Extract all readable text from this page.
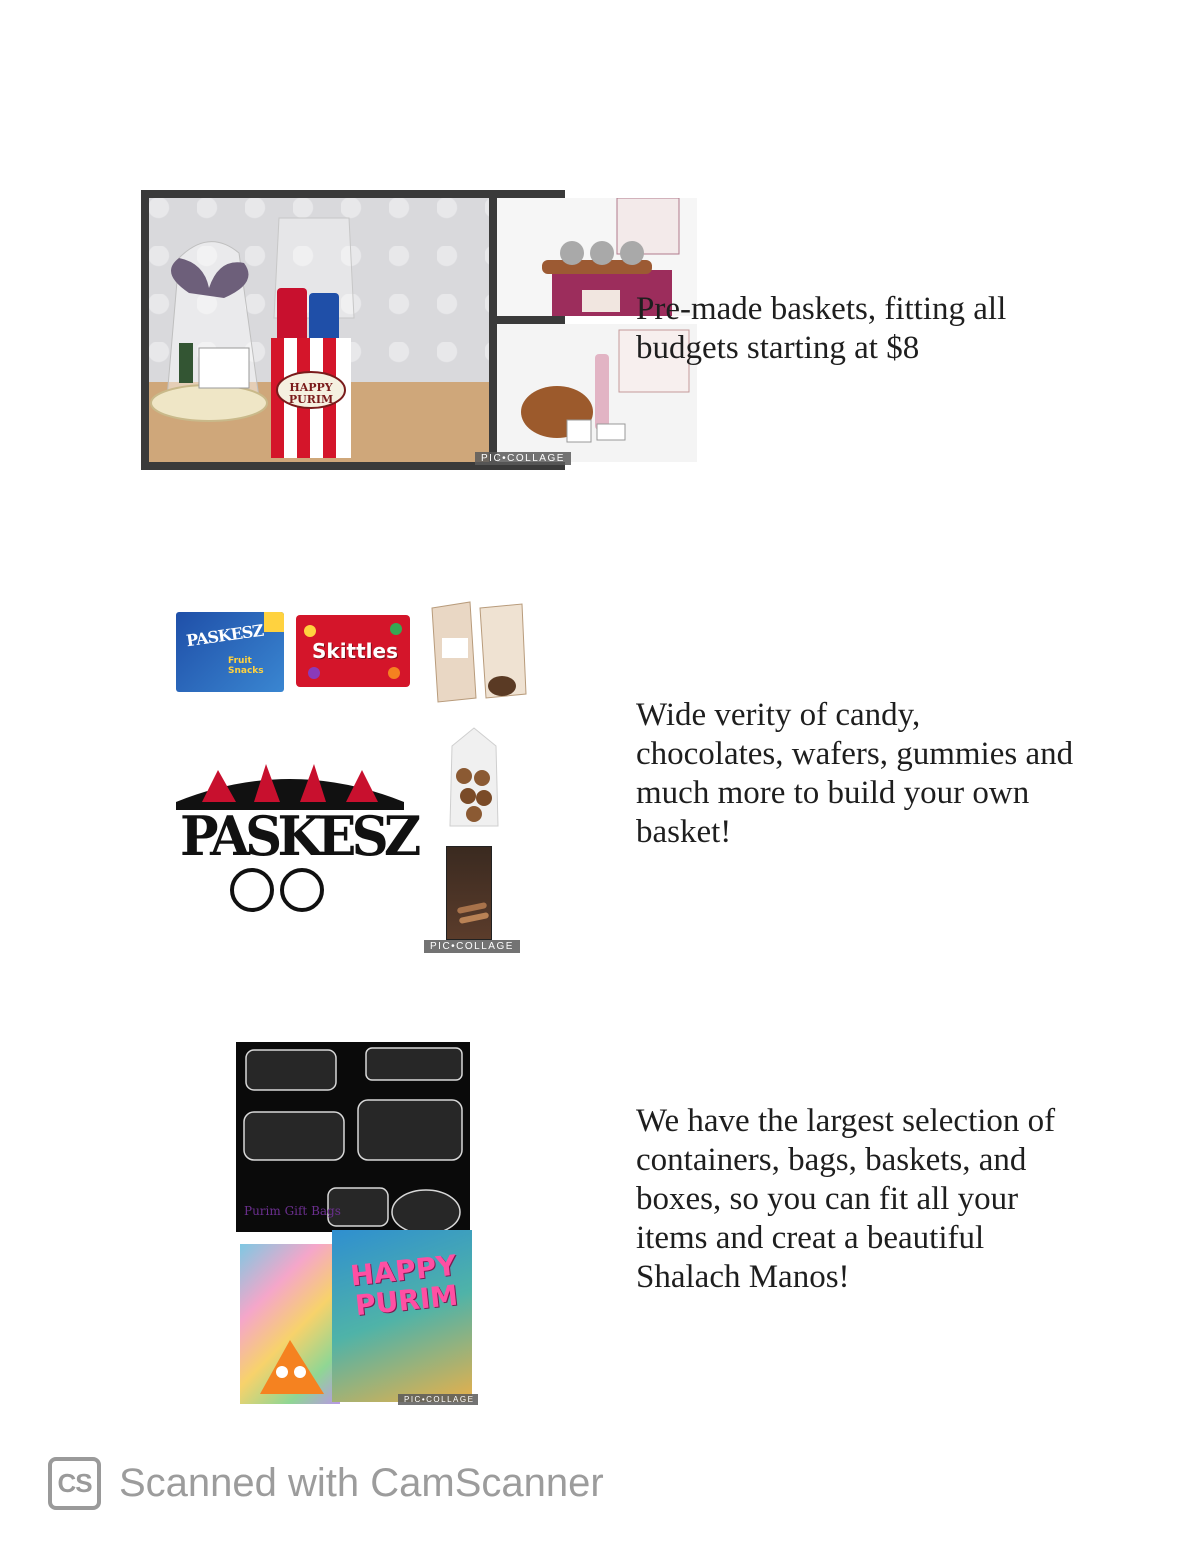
HAPPY PURIM
PIC•COLLAGE
Pre-made baskets, fitting all budgets starting at $8
PASKESZ
Fruit Snacks
Skittles
PIC•COLLAGE
PASKESZ
Wide verity of candy, chocolates, wafers, gummies and much more to build your own basket!
Purim Gift Bags
HAPPY PURIM
PIC•COLLAGE
We have the largest selection of containers, bags, baskets, and boxes, so you can fit all your items and creat a beautiful Shalach Manos!
CS Scanned with CamScanner
